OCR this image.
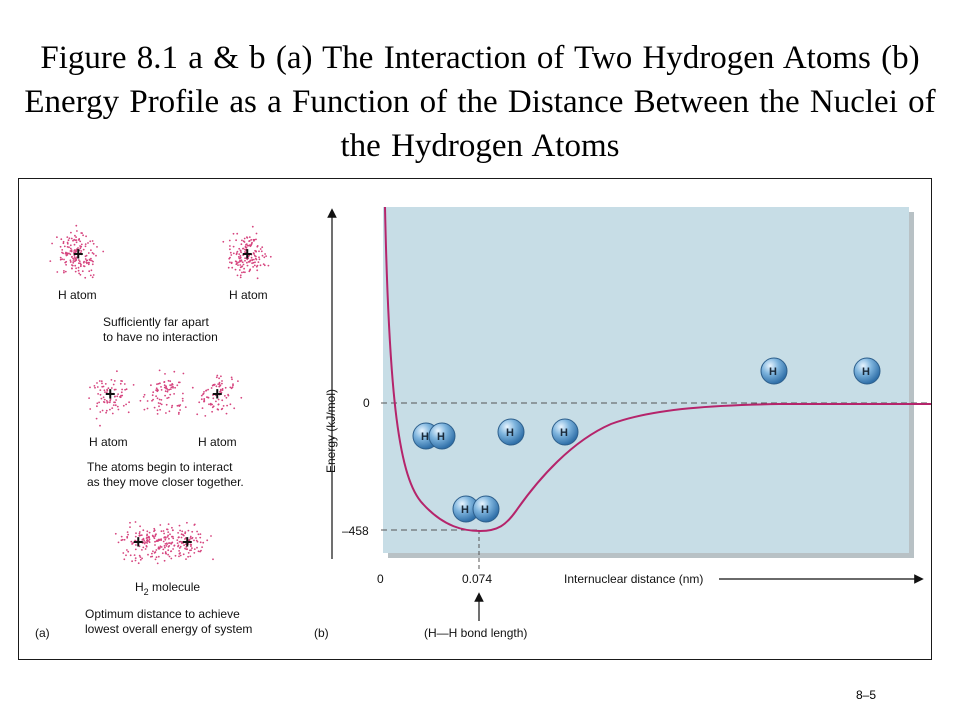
Figure 8.1 a & b (a) The Interaction of Two Hydrogen Atoms (b) Energy Profile as a Function of the Distance Between the Nuclei of the Hydrogen Atoms
+	+
+	+
+ +
H atom	H atom
Sufficiently far apart
to have no interaction
H atom	H atom
The atoms begin to interact
as they move closer together.
$H_2$ molecule
Optimum distance to achieve
lowest overall energy of system
(a)
Energy (kJ/mol) 0
–458
0	0.074	Internuclear distance (nm)
(H—H bond length)
(b)
H H
H H
H	H
H	H
8–5
